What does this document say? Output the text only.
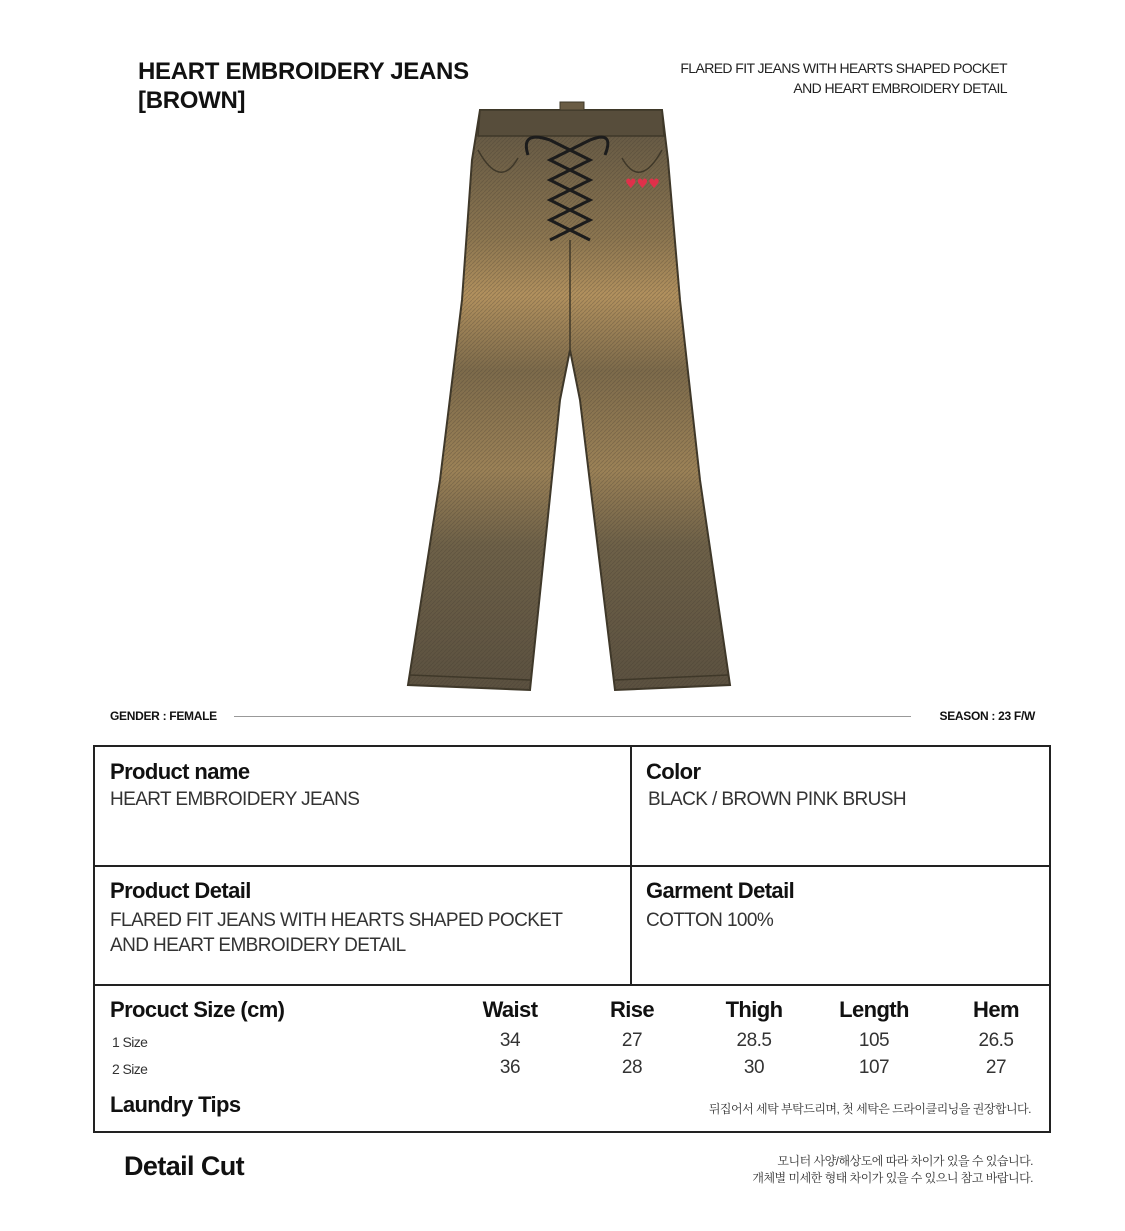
HEART EMBROIDERY JEANS
[BROWN]
FLARED FIT JEANS WITH HEARTS SHAPED POCKET
AND HEART EMBROIDERY DETAIL
♥♥♥
GENDER : FEMALE	SEASON : 23 F/W
Product name
HEART EMBROIDERY JEANS
Color
BLACK / BROWN PINK BRUSH
Product Detail
FLARED FIT JEANS WITH HEARTS SHAPED POCKET
AND HEART EMBROIDERY DETAIL
Garment Detail
COTTON 100%
Procuct Size (cm)	Waist	Rise	Thigh	Length	Hem
1 Size	34	27	28.5	105	26.5
2 Size	36	28	30	107	27
Laundry Tips	뒤집어서 세탁 부탁드리며, 첫 세탁은 드라이클리닝을 권장합니다.
Detail Cut	모니터 사양/해상도에 따라 차이가 있을 수 있습니다.
개체별 미세한 형태 차이가 있을 수 있으니 참고 바랍니다.
